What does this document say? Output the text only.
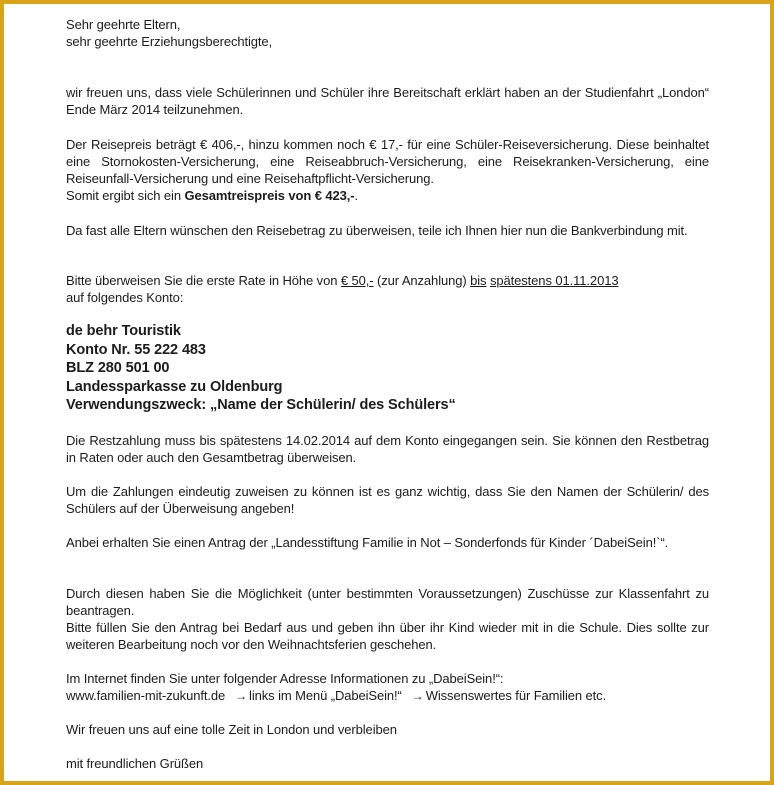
Sehr geehrte Eltern,
sehr geehrte Erziehungsberechtigte,
wir freuen uns, dass viele Schülerinnen und Schüler ihre Bereitschaft erklärt haben an der Studienfahrt „London“ Ende März 2014 teilzunehmen.
Der Reisepreis beträgt € 406,-, hinzu kommen noch € 17,- für eine Schüler-Reiseversicherung. Diese beinhaltet eine Stornokosten-Versicherung, eine Reiseabbruch-Versicherung, eine Reisekranken-Versicherung, eine Reiseunfall-Versicherung und eine Reisehaftpflicht-Versicherung.
Somit ergibt sich ein Gesamtreispreis von € 423,-.
Da fast alle Eltern wünschen den Reisebetrag zu überweisen, teile ich Ihnen hier nun die Bankverbindung mit.
Bitte überweisen Sie die erste Rate in Höhe von € 50,- (zur Anzahlung) bis spätestens 01.11.2013
auf folgendes Konto:
de behr Touristik
Konto Nr. 55 222 483
BLZ 280 501 00
Landessparkasse zu Oldenburg
Verwendungszweck: „Name der Schülerin/ des Schülers“
Die Restzahlung muss bis spätestens 14.02.2014 auf dem Konto eingegangen sein. Sie können den Restbetrag in Raten oder auch den Gesamtbetrag überweisen.
Um die Zahlungen eindeutig zuweisen zu können ist es ganz wichtig, dass Sie den Namen der Schülerin/ des Schülers auf der Überweisung angeben!
Anbei erhalten Sie einen Antrag der „Landesstiftung Familie in Not – Sonderfonds für Kinder ´DabeiSein!`“.
Durch diesen haben Sie die Möglichkeit (unter bestimmten Voraussetzungen) Zuschüsse zur Klassenfahrt zu beantragen.
Bitte füllen Sie den Antrag bei Bedarf aus und geben ihn über ihr Kind wieder mit in die Schule. Dies sollte zur weiteren Bearbeitung noch vor den Weihnachtsferien geschehen.
Im Internet finden Sie unter folgender Adresse Informationen zu „DabeiSein!“:
www.familien-mit-zukunft.de → links im Menü „DabeiSein!“ → Wissenswertes für Familien etc.
Wir freuen uns auf eine tolle Zeit in London und verbleiben
mit freundlichen Grüßen
